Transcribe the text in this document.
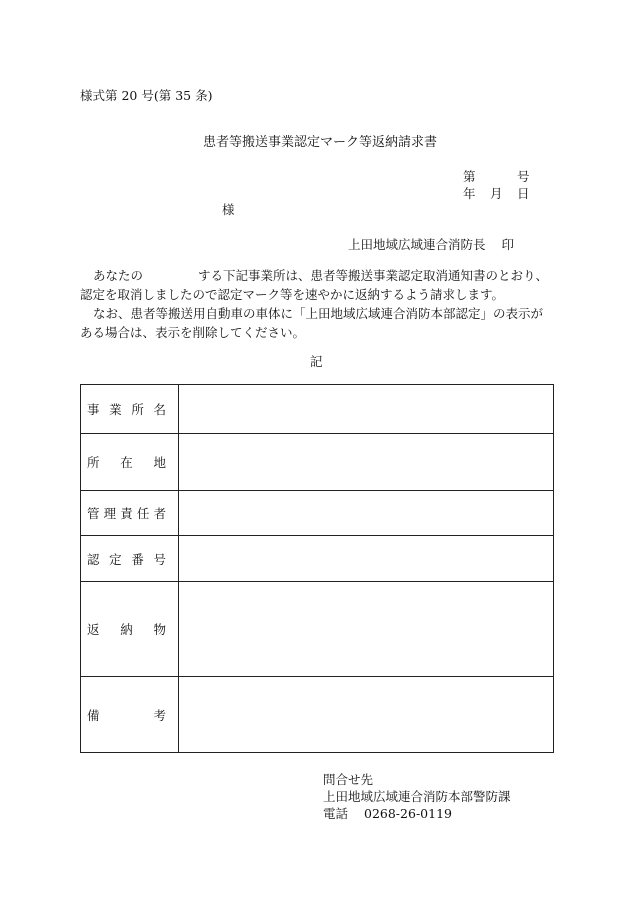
様式第 20 号(第 35 条)
患者等搬送事業認定マーク等返納請求書
第	号
年 月 日
様
上田地域広域連合消防長 印

あなたの	する下記事業所は、患者等搬送事業認定取消通知書のとおり、

認定を取消しましたので認定マーク等を速やかに返納するよう請求します。

なお、患者等搬送用自動車の車体に「上田地域広域連合消防本部認定」の表示がある場合は、表示を削除してください。

記
事 業 所 名	

所 在 地	

管 理 責 任 者	

認 定 番 号	

返 納 物	

備 考	

問合せ先
上田地域広域連合消防本部警防課
電話 0268-26-0119
